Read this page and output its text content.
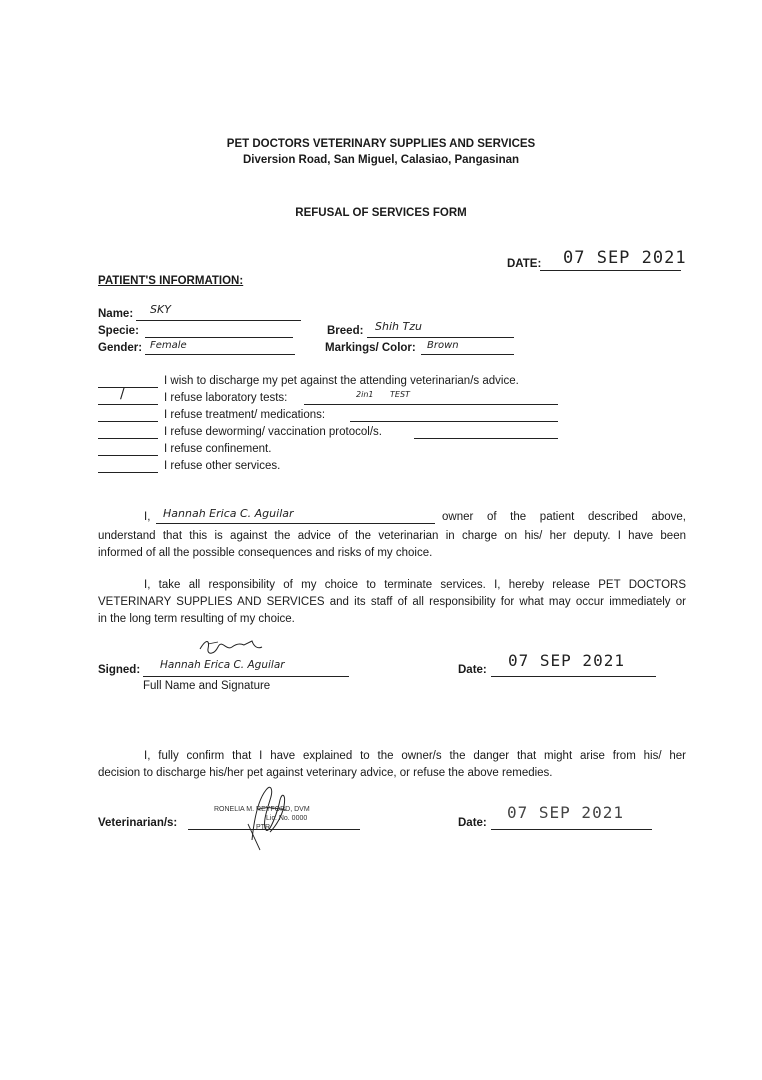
PET DOCTORS VETERINARY SUPPLIES AND SERVICES
Diversion Road, San Miguel, Calasiao, Pangasinan
REFUSAL OF SERVICES FORM
DATE: 07 SEP 2021
PATIENT'S INFORMATION:
Name: SKY
Specie:
Gender: Female
Breed: Shih Tzu
Markings/ Color: Brown
I wish to discharge my pet against the attending veterinarian/s advice.
/	I refuse laboratory tests:	2in1 TEST
I refuse treatment/ medications:
I refuse deworming/ vaccination protocol/s.
I refuse confinement.
I refuse other services.
I, Hannah Erica C. Aguilar	owner of the patient described above,
understand that this is against the advice of the veterinarian in charge on his/ her deputy. I have been
informed of all the possible consequences and risks of my choice.
I, take all responsibility of my choice to terminate services. I, hereby release PET DOCTORS
VETERINARY SUPPLIES AND SERVICES and its staff of all responsibility for what may occur immediately or
in the long term resulting of my choice.
Signed: Hannah Erica C. Aguilar
Full Name and Signature
Date: 07 SEP 2021
I, fully confirm that I have explained to the owner/s the danger that might arise from his/ her
decision to discharge his/her pet against veterinary advice, or refuse the above remedies.
Veterinarian/s:
RONELIA M. REYFORD, DVM
Lic. No. 0000
PTR	Date:
07 SEP 2021
